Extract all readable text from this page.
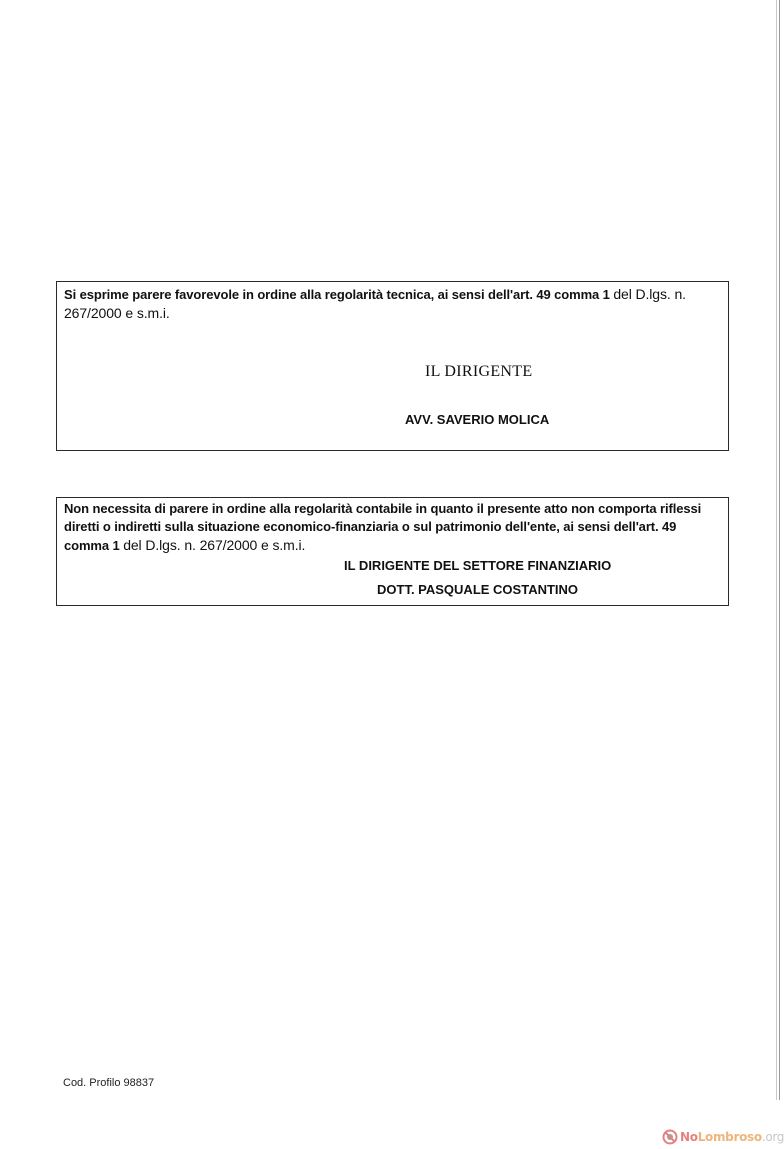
Si esprime parere favorevole in ordine alla regolarità tecnica, ai sensi dell'art. 49 comma 1 del D.lgs. n. 267/2000 e s.m.i.

IL DIRIGENTE
AVV. SAVERIO MOLICA

Non necessita di parere in ordine alla regolarità contabile in quanto il presente atto non comporta riflessi diretti o indiretti sulla situazione economico-finanziaria o sul patrimonio dell'ente, ai sensi dell'art. 49 comma 1 del D.lgs. n. 267/2000 e s.m.i.

IL DIRIGENTE DEL SETTORE FINANZIARIO
DOTT. PASQUALE COSTANTINO
Cod. Profilo 98837
NoLombroso.org
